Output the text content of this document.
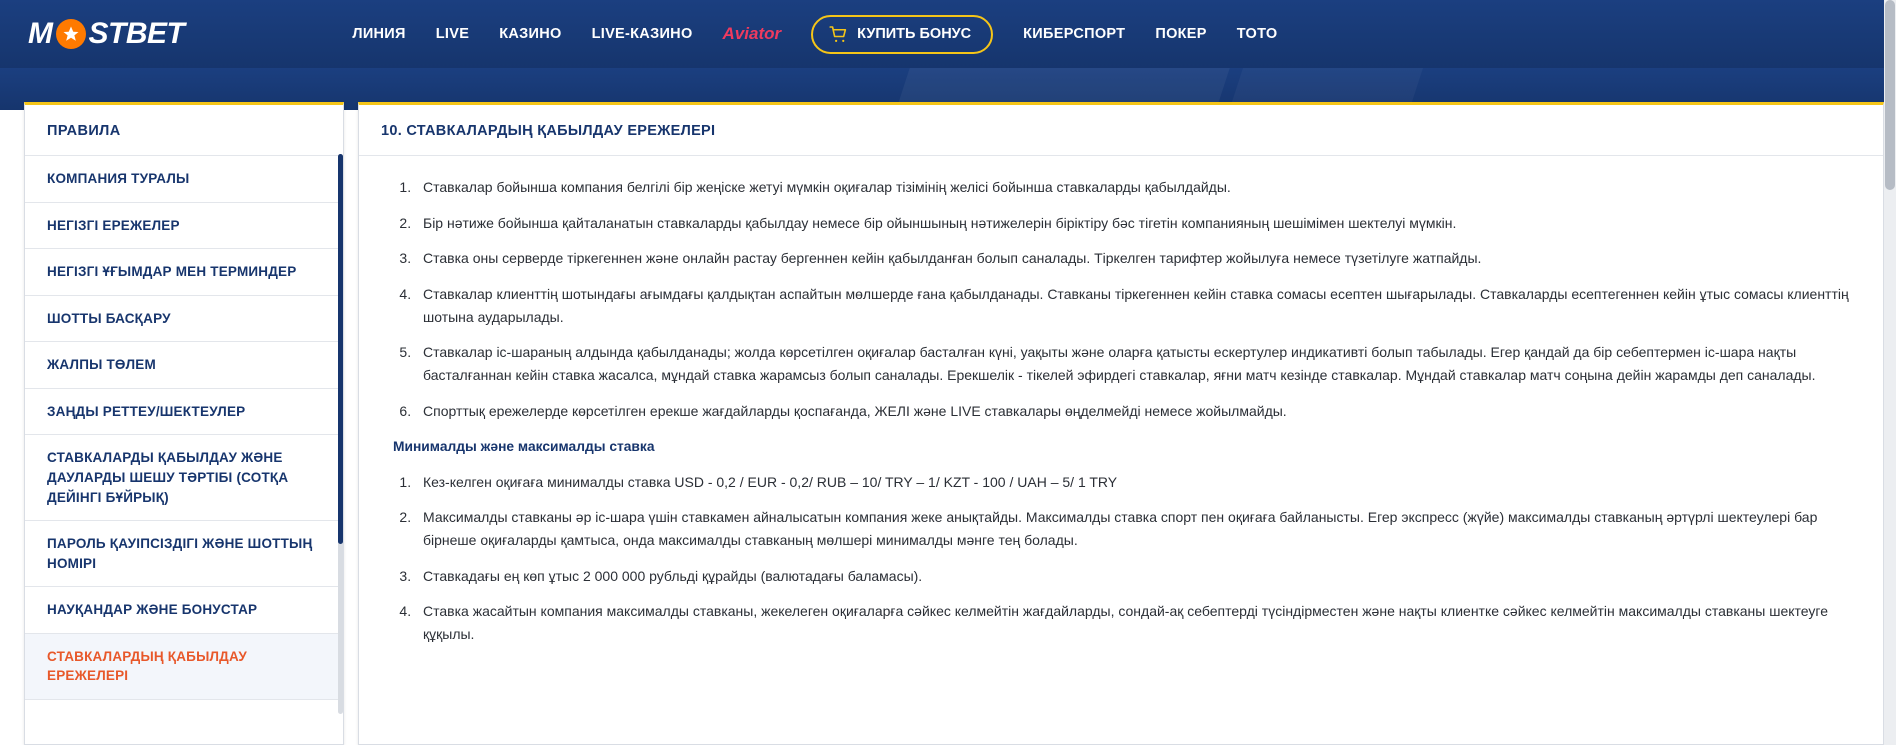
M STBET	ЛИНИЯ LIVE КАЗИНО LIVE-КАЗИНО Aviator	КУПИТЬ БОНУС	КИБЕРСПОРТ ПОКЕР ТОТО
ПРАВИЛА
КОМПАНИЯ ТУРАЛЫ
НЕГІЗГІ ЕРЕЖЕЛЕР
НЕГІЗГІ ҰҒЫМДАР МЕН ТЕРМИНДЕР
ШОТТЫ БАСҚАРУ
ЖАЛПЫ ТӨЛЕМ
ЗАҢДЫ РЕТТЕУ/ШЕКТЕУЛЕР
СТАВКАЛАРДЫ ҚАБЫЛДАУ ЖӘНЕ ДАУЛАРДЫ ШЕШУ ТӘРТІБІ (СОТҚА ДЕЙІНГІ БҰЙРЫҚ)
ПАРОЛЬ ҚАУІПСІЗДІГІ ЖӘНЕ ШОТТЫҢ НОМІРІ
НАУҚАНДАР ЖӘНЕ БОНУСТАР
СТАВКАЛАРДЫҢ ҚАБЫЛДАУ ЕРЕЖЕЛЕРІ
10. СТАВКАЛАРДЫҢ ҚАБЫЛДАУ ЕРЕЖЕЛЕРІ
1. Ставкалар бойынша компания белгілі бір жеңіске жетуі мүмкін оқиғалар тізімінің желісі бойынша ставкаларды қабылдайды.
2. Бір нәтиже бойынша қайталанатын ставкаларды қабылдау немесе бір ойыншының нәтижелерін біріктіру бәс тігетін компанияның шешімімен шектелуі мүмкін.
3. Ставка оны серверде тіркегеннен және онлайн растау бергеннен кейін қабылданған болып саналады. Тіркелген тарифтер жойылуға немесе түзетілуге жатпайды.
4. Ставкалар клиенттің шотындағы ағымдағы қалдықтан аспайтын мөлшерде ғана қабылданады. Ставканы тіркегеннен кейін ставка сомасы есептен шығарылады. Ставкаларды есептегеннен кейін ұтыс сомасы клиенттің шотына аударылады.
5. Ставкалар іс-шараның алдында қабылданады; жолда көрсетілген оқиғалар басталған күні, уақыты және оларға қатысты ескертулер индикативті болып табылады. Егер қандай да бір себептермен іс-шара нақты басталғаннан кейін ставка жасалса, мұндай ставка жарамсыз болып саналады. Ерекшелік - тікелей эфирдегі ставкалар, яғни матч кезінде ставкалар. Мұндай ставкалар матч соңына дейін жарамды деп саналады.
6. Спорттық ережелерде көрсетілген ерекше жағдайларды қоспағанда, ЖЕЛІ және LIVE ставкалары өңделмейді немесе жойылмайды.
Минималды және максималды ставка
1. Кез-келген оқиғаға минималды ставка USD - 0,2 / EUR - 0,2/ RUB – 10/ TRY – 1/ KZT - 100 / UAH – 5/ 1 TRY
2. Максималды ставканы әр іс-шара үшін ставкамен айналысатын компания жеке анықтайды. Максималды ставка спорт пен оқиғаға байланысты. Егер экспресс (жүйе) максималды ставканың әртүрлі шектеулері бар бірнеше оқиғаларды қамтыса, онда максималды ставканың мөлшері минималды мәнге тең болады.
3. Ставкадағы ең көп ұтыс 2 000 000 рубльді құрайды (валютадағы баламасы).
4. Ставка жасайтын компания максималды ставканы, жекелеген оқиғаларға сәйкес келмейтін жағдайларды, сондай-ақ себептерді түсіндірместен және нақты клиентке сәйкес келмейтін максималды ставканы шектеуге құқылы.
